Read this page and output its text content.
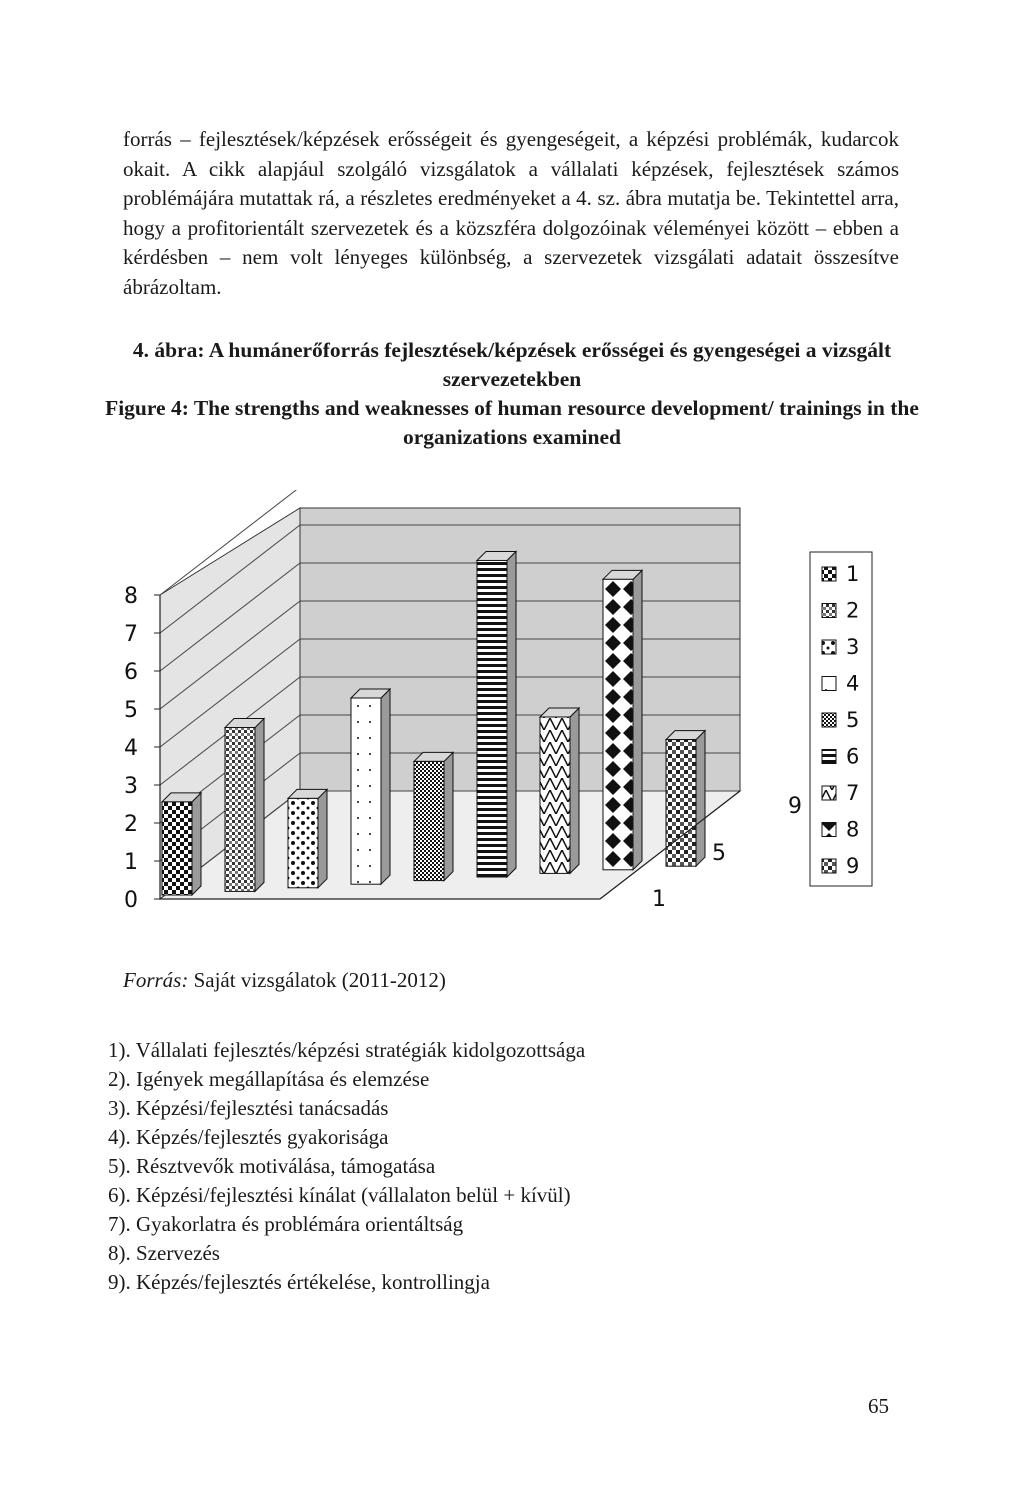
forrás – fejlesztések/képzések erősségeit és gyengeségeit, a képzési problémák, kudarcok okait. A cikk alapjául szolgáló vizsgálatok a vállalati képzések, fejlesztések számos problémájára mutattak rá, a részletes eredményeket a 4. sz. ábra mutatja be. Tekintettel arra, hogy a profitorientált szervezetek és a közszféra dolgozóinak véleményei között – ebben a kérdésben – nem volt lényeges különbség, a szervezetek vizsgálati adatait összesítve ábrázoltam.

4. ábra: A humánerőforrás fejlesztések/képzések erősségei és gyengeségei a vizsgált szervezetekben

Figure 4: The strengths and weaknesses of human resource development/ trainings in the organizations examined

0
1
2
3
4
5
6
7
8
1
5
9
1
2
3
4
5
6
7
8
9

Forrás: Saját vizsgálatok (2011-2012)

1). Vállalati fejlesztés/képzési stratégiák kidolgozottsága
2). Igények megállapítása és elemzése
3). Képzési/fejlesztési tanácsadás
4). Képzés/fejlesztés gyakorisága
5). Résztvevők motiválása, támogatása
6). Képzési/fejlesztési kínálat (vállalaton belül + kívül)
7). Gyakorlatra és problémára orientáltság
8). Szervezés
9). Képzés/fejlesztés értékelése, kontrollingja
65
